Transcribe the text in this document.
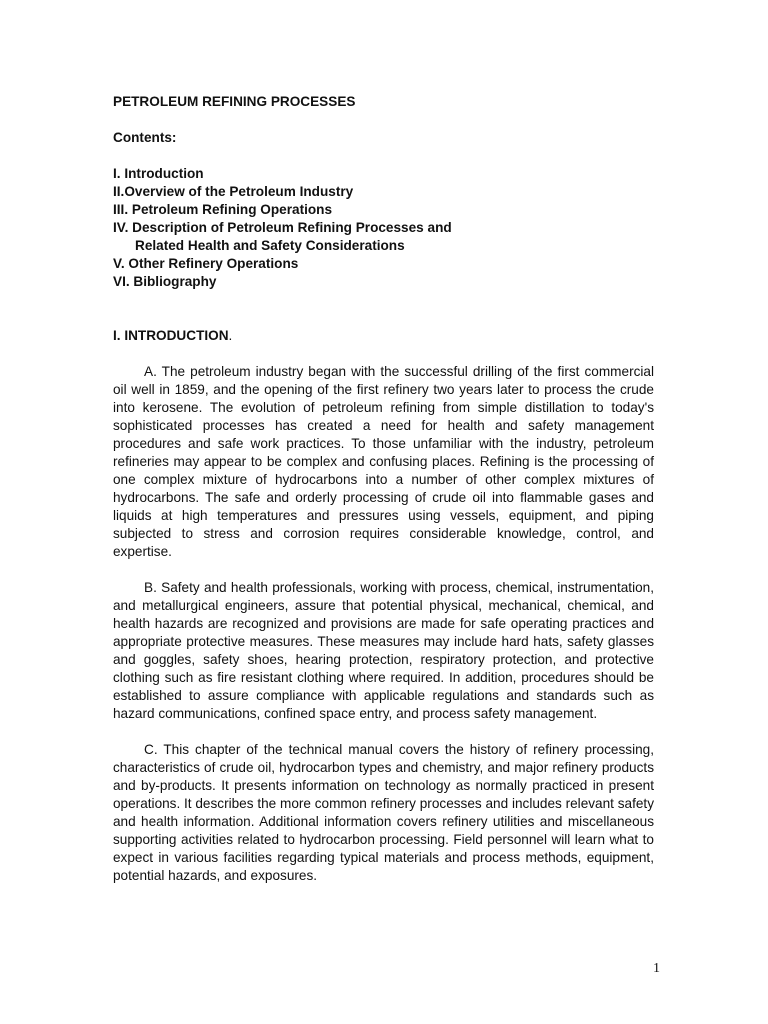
PETROLEUM REFINING PROCESSES
Contents:
I. Introduction
II.Overview of the Petroleum Industry
III. Petroleum Refining Operations
IV. Description of Petroleum Refining Processes and
Related Health and Safety Considerations
V. Other Refinery Operations
VI. Bibliography
I. INTRODUCTION.

A. The petroleum industry began with the successful drilling of the first commercial oil well in 1859, and the opening of the first refinery two years later to process the crude into kerosene. The evolution of petroleum refining from simple distillation to today's sophisticated processes has created a need for health and safety management procedures and safe work practices. To those unfamiliar with the industry, petroleum refineries may appear to be complex and confusing places. Refining is the processing of one complex mixture of hydrocarbons into a number of other complex mixtures of hydrocarbons. The safe and orderly processing of crude oil into flammable gases and liquids at high temperatures and pressures using vessels, equipment, and piping subjected to stress and corrosion requires considerable knowledge, control, and expertise.

B. Safety and health professionals, working with process, chemical, instrumentation, and metallurgical engineers, assure that potential physical, mechanical, chemical, and health hazards are recognized and provisions are made for safe operating practices and appropriate protective measures. These measures may include hard hats, safety glasses and goggles, safety shoes, hearing protection, respiratory protection, and protective clothing such as fire resistant clothing where required. In addition, procedures should be established to assure compliance with applicable regulations and standards such as hazard communications, confined space entry, and process safety management.

C. This chapter of the technical manual covers the history of refinery processing, characteristics of crude oil, hydrocarbon types and chemistry, and major refinery products and by-products. It presents information on technology as normally practiced in present operations. It describes the more common refinery processes and includes relevant safety and health information. Additional information covers refinery utilities and miscellaneous supporting activities related to hydrocarbon processing. Field personnel will learn what to expect in various facilities regarding typical materials and process methods, equipment, potential hazards, and exposures.

1
